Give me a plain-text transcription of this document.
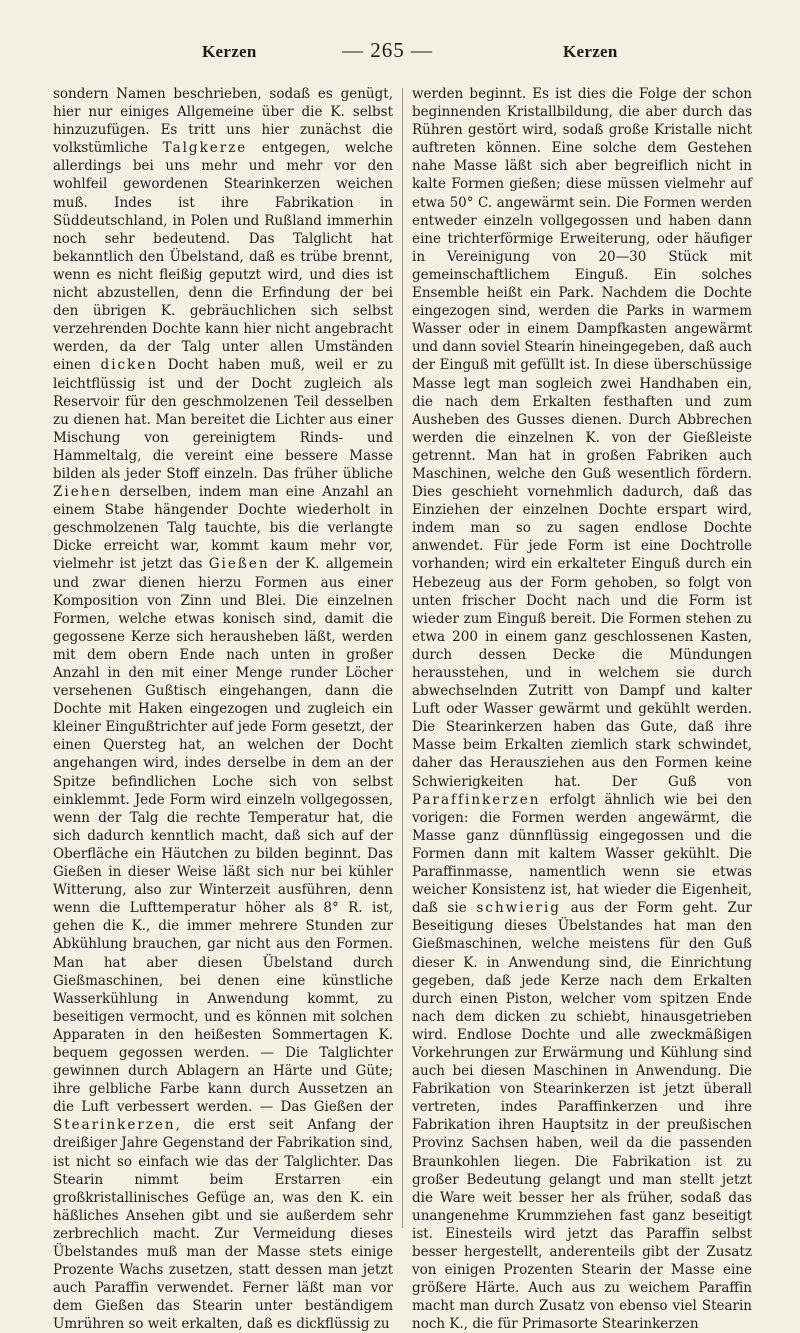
Kerzen	— 265 —	Kerzen

sondern Namen beschrieben, sodaß es genügt, hier nur einiges Allgemeine über die K. selbst hinzuzufügen. Es tritt uns hier zunächst die volkstümliche Talgkerze entgegen, welche allerdings bei uns mehr und mehr vor den wohlfeil gewordenen Stearinkerzen weichen muß. Indes ist ihre Fabrikation in Süddeutschland, in Polen und Rußland immerhin noch sehr bedeutend. Das Talglicht hat bekanntlich den Übelstand, daß es trübe brennt, wenn es nicht fleißig geputzt wird, und dies ist nicht abzustellen, denn die Erfindung der bei den übrigen K. gebräuchlichen sich selbst verzehrenden Dochte kann hier nicht angebracht werden, da der Talg unter allen Umständen einen dicken Docht haben muß, weil er zu leichtflüssig ist und der Docht zugleich als Reservoir für den geschmolzenen Teil desselben zu dienen hat. Man bereitet die Lichter aus einer Mischung von gereinigtem Rinds- und Hammeltalg, die vereint eine bessere Masse bilden als jeder Stoff einzeln. Das früher übliche Ziehen derselben, indem man eine Anzahl an einem Stabe hängender Dochte wiederholt in geschmolzenen Talg tauchte, bis die verlangte Dicke erreicht war, kommt kaum mehr vor, vielmehr ist jetzt das Gießen der K. allgemein und zwar dienen hierzu Formen aus einer Komposition von Zinn und Blei. Die einzelnen Formen, welche etwas konisch sind, damit die gegossene Kerze sich herausheben läßt, werden mit dem obern Ende nach unten in großer Anzahl in den mit einer Menge runder Löcher versehenen Gußtisch eingehangen, dann die Dochte mit Haken eingezogen und zugleich ein kleiner Eingußtrichter auf jede Form gesetzt, der einen Quersteg hat, an welchen der Docht angehangen wird, indes derselbe in dem an der Spitze befindlichen Loche sich von selbst einklemmt. Jede Form wird einzeln vollgegossen, wenn der Talg die rechte Temperatur hat, die sich dadurch kenntlich macht, daß sich auf der Oberfläche ein Häutchen zu bilden beginnt. Das Gießen in dieser Weise läßt sich nur bei kühler Witterung, also zur Winterzeit ausführen, denn wenn die Lufttemperatur höher als 8° R. ist, gehen die K., die immer mehrere Stunden zur Abkühlung brauchen, gar nicht aus den Formen. Man hat aber diesen Übelstand durch Gießmaschinen, bei denen eine künstliche Wasserkühlung in Anwendung kommt, zu beseitigen vermocht, und es können mit solchen Apparaten in den heißesten Sommertagen K. bequem gegossen werden. — Die Talglichter gewinnen durch Ablagern an Härte und Güte; ihre gelbliche Farbe kann durch Aussetzen an die Luft verbessert werden. — Das Gießen der Stearinkerzen, die erst seit Anfang der dreißiger Jahre Gegenstand der Fabrikation sind, ist nicht so einfach wie das der Talglichter. Das Stearin nimmt beim Erstarren ein großkristallinisches Gefüge an, was den K. ein häßliches Ansehen gibt und sie außerdem sehr zerbrechlich macht. Zur Vermeidung dieses Übelstandes muß man der Masse stets einige Prozente Wachs zusetzen, statt dessen man jetzt auch Paraffin verwendet. Ferner läßt man vor dem Gießen das Stearin unter beständigem Umrühren so weit erkalten, daß es dickflüssig zu

werden beginnt. Es ist dies die Folge der schon beginnenden Kristallbildung, die aber durch das Rühren gestört wird, sodaß große Kristalle nicht auftreten können. Eine solche dem Gestehen nahe Masse läßt sich aber begreiflich nicht in kalte Formen gießen; diese müssen vielmehr auf etwa 50° C. angewärmt sein. Die Formen werden entweder einzeln vollgegossen und haben dann eine trichterförmige Erweiterung, oder häufiger in Vereinigung von 20—30 Stück mit gemeinschaftlichem Einguß. Ein solches Ensemble heißt ein Park. Nachdem die Dochte eingezogen sind, werden die Parks in warmem Wasser oder in einem Dampfkasten angewärmt und dann soviel Stearin hineingegeben, daß auch der Einguß mit gefüllt ist. In diese überschüssige Masse legt man sogleich zwei Handhaben ein, die nach dem Erkalten festhaften und zum Ausheben des Gusses dienen. Durch Abbrechen werden die einzelnen K. von der Gießleiste getrennt. Man hat in großen Fabriken auch Maschinen, welche den Guß wesentlich fördern. Dies geschieht vornehmlich dadurch, daß das Einziehen der einzelnen Dochte erspart wird, indem man so zu sagen endlose Dochte anwendet. Für jede Form ist eine Dochtrolle vorhanden; wird ein erkalteter Einguß durch ein Hebezeug aus der Form gehoben, so folgt von unten frischer Docht nach und die Form ist wieder zum Einguß bereit. Die Formen stehen zu etwa 200 in einem ganz geschlossenen Kasten, durch dessen Decke die Mündungen herausstehen, und in welchem sie durch abwechselnden Zutritt von Dampf und kalter Luft oder Wasser gewärmt und gekühlt werden. Die Stearinkerzen haben das Gute, daß ihre Masse beim Erkalten ziemlich stark schwindet, daher das Herausziehen aus den Formen keine Schwierigkeiten hat. Der Guß von Paraffinkerzen erfolgt ähnlich wie bei den vorigen: die Formen werden angewärmt, die Masse ganz dünnflüssig eingegossen und die Formen dann mit kaltem Wasser gekühlt. Die Paraffinmasse, namentlich wenn sie etwas weicher Konsistenz ist, hat wieder die Eigenheit, daß sie schwierig aus der Form geht. Zur Beseitigung dieses Übelstandes hat man den Gießmaschinen, welche meistens für den Guß dieser K. in Anwendung sind, die Einrichtung gegeben, daß jede Kerze nach dem Erkalten durch einen Piston, welcher vom spitzen Ende nach dem dicken zu schiebt, hinausgetrieben wird. Endlose Dochte und alle zweckmäßigen Vorkehrungen zur Erwärmung und Kühlung sind auch bei diesen Maschinen in Anwendung. Die Fabrikation von Stearinkerzen ist jetzt überall vertreten, indes Paraffinkerzen und ihre Fabrikation ihren Hauptsitz in der preußischen Provinz Sachsen haben, weil da die passenden Braunkohlen liegen. Die Fabrikation ist zu großer Bedeutung gelangt und man stellt jetzt die Ware weit besser her als früher, sodaß das unangenehme Krummziehen fast ganz beseitigt ist. Einesteils wird jetzt das Paraffin selbst besser hergestellt, anderenteils gibt der Zusatz von einigen Prozenten Stearin der Masse eine größere Härte. Auch aus zu weichem Paraffin macht man durch Zusatz von ebenso viel Stearin noch K., die für Primasorte Stearinkerzen
